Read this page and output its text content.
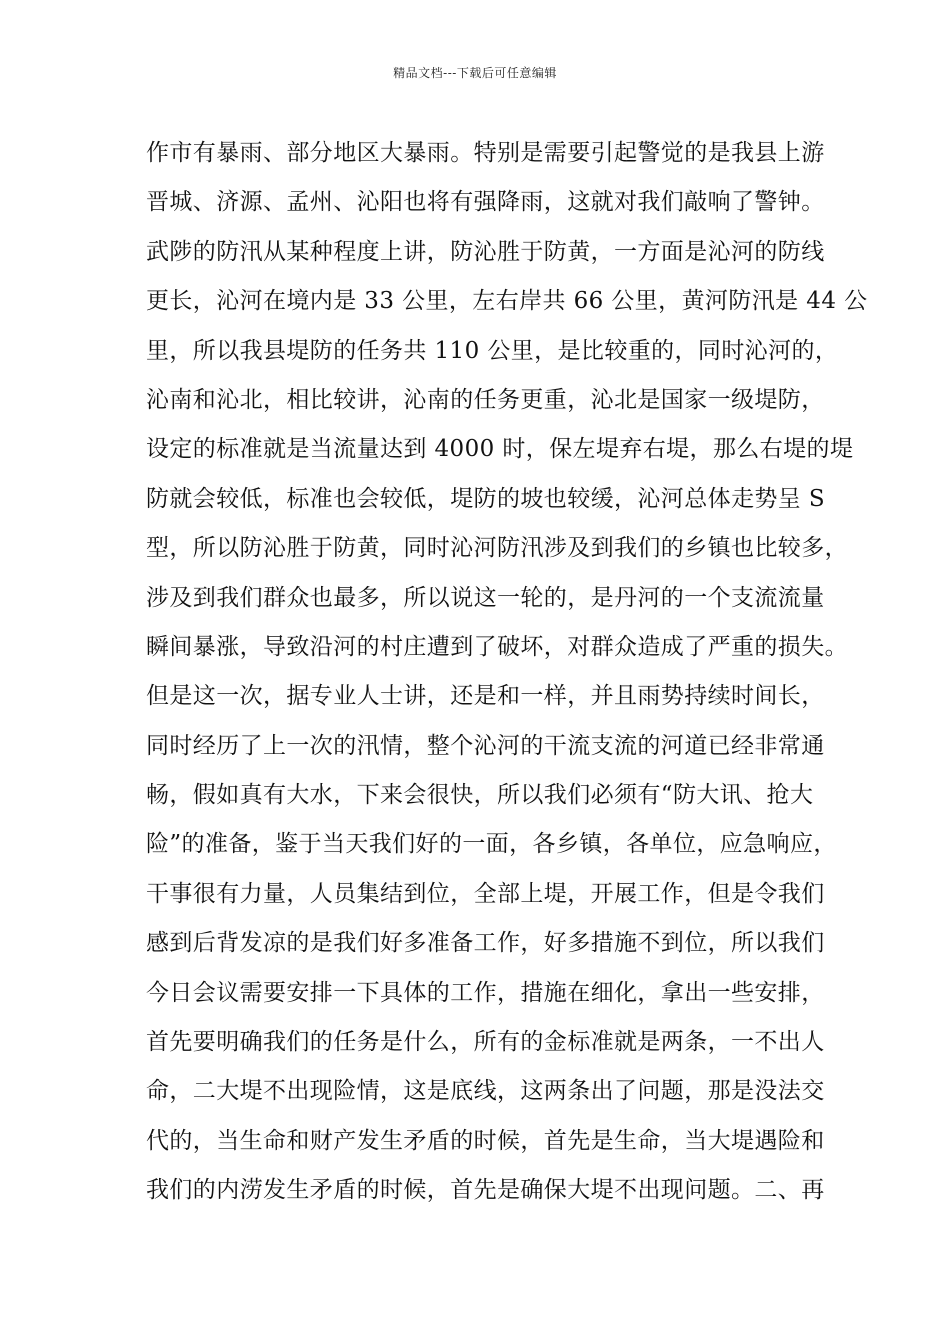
精品文档---下载后可任意编辑
作市有暴雨、部分地区大暴雨。特别是需要引起警觉的是我县上游
晋城、济源、孟州、沁阳也将有强降雨，这就对我们敲响了警钟。
武陟的防汛从某种程度上讲，防沁胜于防黄，一方面是沁河的防线
更长，沁河在境内是 33 公里，左右岸共 66 公里，黄河防汛是 44 公
里，所以我县堤防的任务共 110 公里，是比较重的，同时沁河的，
沁南和沁北，相比较讲，沁南的任务更重，沁北是国家一级堤防，
设定的标准就是当流量达到 4000 时，保左堤弃右堤，那么右堤的堤
防就会较低，标准也会较低，堤防的坡也较缓，沁河总体走势呈 S
型，所以防沁胜于防黄，同时沁河防汛涉及到我们的乡镇也比较多，
涉及到我们群众也最多，所以说这一轮的，是丹河的一个支流流量
瞬间暴涨，导致沿河的村庄遭到了破坏，对群众造成了严重的损失。
但是这一次，据专业人士讲，还是和一样，并且雨势持续时间长，
同时经历了上一次的汛情，整个沁河的干流支流的河道已经非常通
畅，假如真有大水，下来会很快，所以我们必须有“防大讯、抢大
险”的准备，鉴于当天我们好的一面，各乡镇，各单位，应急响应，
干事很有力量，人员集结到位，全部上堤，开展工作，但是令我们
感到后背发凉的是我们好多准备工作，好多措施不到位，所以我们
今日会议需要安排一下具体的工作，措施在细化，拿出一些安排，
首先要明确我们的任务是什么，所有的金标准就是两条，一不出人
命，二大堤不出现险情，这是底线，这两条出了问题，那是没法交
代的，当生命和财产发生矛盾的时候，首先是生命，当大堤遇险和
我们的内涝发生矛盾的时候，首先是确保大堤不出现问题。二、再
